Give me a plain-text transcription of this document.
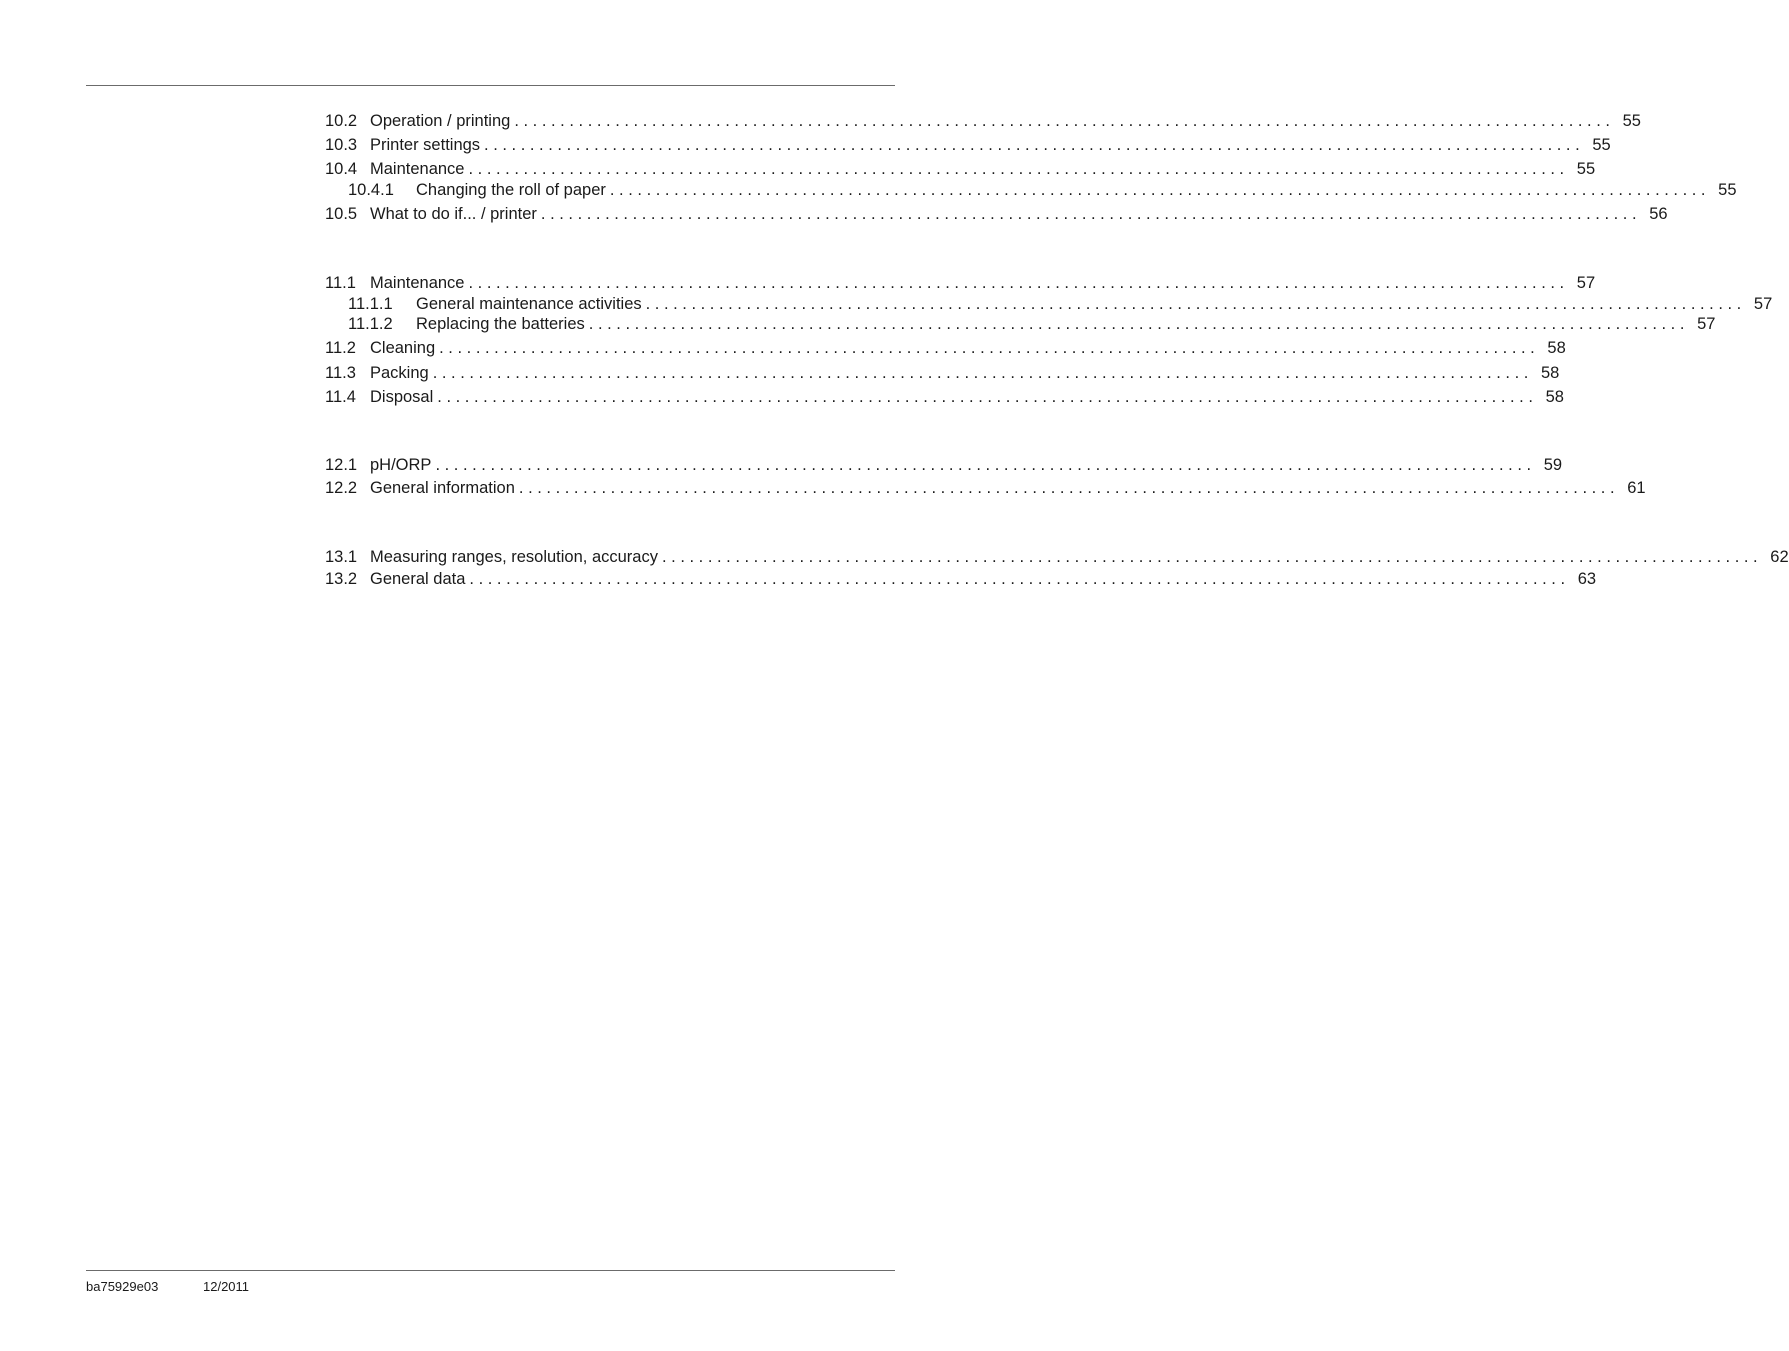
10.2 Operation / printing . . . . . . . . . . . . . . . . . . . . . . . . . . . . . . . . . . . . . . . . . . . . . . . . . . . . . . . . . . . . . . . . . . . . . . . . . . . . . . . . . . . . . . . . . . . . . . . . . . . . . . . . . . . . . . . . . . . . . . . . 55
10.3 Printer settings . . . . . . . . . . . . . . . . . . . . . . . . . . . . . . . . . . . . . . . . . . . . . . . . . . . . . . . . . . . . . . . . . . . . . . . . . . . . . . . . . . . . . . . . . . . . . . . . . . . . . . . . . . . . . . . . . . . . . . . . 55
10.4 Maintenance . . . . . . . . . . . . . . . . . . . . . . . . . . . . . . . . . . . . . . . . . . . . . . . . . . . . . . . . . . . . . . . . . . . . . . . . . . . . . . . . . . . . . . . . . . . . . . . . . . . . . . . . . . . . . . . . . . . . . . . . 55
10.4.1	Changing the roll of paper . . . . . . . . . . . . . . . . . . . . . . . . . . . . . . . . . . . . . . . . . . . . . . . . . . . . . . . . . . . . . . . . . . . . . . . . . . . . . . . . . . . . . . . . . . . . . . . . . . . . . . . . . . . . . . . . . . . . . . . . 55
10.5 What to do if... / printer . . . . . . . . . . . . . . . . . . . . . . . . . . . . . . . . . . . . . . . . . . . . . . . . . . . . . . . . . . . . . . . . . . . . . . . . . . . . . . . . . . . . . . . . . . . . . . . . . . . . . . . . . . . . . . . . . . . . . . . . 56
11.1 Maintenance . . . . . . . . . . . . . . . . . . . . . . . . . . . . . . . . . . . . . . . . . . . . . . . . . . . . . . . . . . . . . . . . . . . . . . . . . . . . . . . . . . . . . . . . . . . . . . . . . . . . . . . . . . . . . . . . . . . . . . . . 57
11.1.1	General maintenance activities . . . . . . . . . . . . . . . . . . . . . . . . . . . . . . . . . . . . . . . . . . . . . . . . . . . . . . . . . . . . . . . . . . . . . . . . . . . . . . . . . . . . . . . . . . . . . . . . . . . . . . . . . . . . . . . . . . . . . . . . 57
11.1.2	Replacing the batteries . . . . . . . . . . . . . . . . . . . . . . . . . . . . . . . . . . . . . . . . . . . . . . . . . . . . . . . . . . . . . . . . . . . . . . . . . . . . . . . . . . . . . . . . . . . . . . . . . . . . . . . . . . . . . . . . . . . . . . . . 57
11.2 Cleaning . . . . . . . . . . . . . . . . . . . . . . . . . . . . . . . . . . . . . . . . . . . . . . . . . . . . . . . . . . . . . . . . . . . . . . . . . . . . . . . . . . . . . . . . . . . . . . . . . . . . . . . . . . . . . . . . . . . . . . . . 58
11.3 Packing . . . . . . . . . . . . . . . . . . . . . . . . . . . . . . . . . . . . . . . . . . . . . . . . . . . . . . . . . . . . . . . . . . . . . . . . . . . . . . . . . . . . . . . . . . . . . . . . . . . . . . . . . . . . . . . . . . . . . . . . 58
11.4 Disposal . . . . . . . . . . . . . . . . . . . . . . . . . . . . . . . . . . . . . . . . . . . . . . . . . . . . . . . . . . . . . . . . . . . . . . . . . . . . . . . . . . . . . . . . . . . . . . . . . . . . . . . . . . . . . . . . . . . . . . . . 58
12.1 pH/ORP . . . . . . . . . . . . . . . . . . . . . . . . . . . . . . . . . . . . . . . . . . . . . . . . . . . . . . . . . . . . . . . . . . . . . . . . . . . . . . . . . . . . . . . . . . . . . . . . . . . . . . . . . . . . . . . . . . . . . . . . 59
12.2 General information . . . . . . . . . . . . . . . . . . . . . . . . . . . . . . . . . . . . . . . . . . . . . . . . . . . . . . . . . . . . . . . . . . . . . . . . . . . . . . . . . . . . . . . . . . . . . . . . . . . . . . . . . . . . . . . . . . . . . . . . 61
13.1 Measuring ranges, resolution, accuracy . . . . . . . . . . . . . . . . . . . . . . . . . . . . . . . . . . . . . . . . . . . . . . . . . . . . . . . . . . . . . . . . . . . . . . . . . . . . . . . . . . . . . . . . . . . . . . . . . . . . . . . . . . . . . . . . . . . . . . . . 62
13.2 General data . . . . . . . . . . . . . . . . . . . . . . . . . . . . . . . . . . . . . . . . . . . . . . . . . . . . . . . . . . . . . . . . . . . . . . . . . . . . . . . . . . . . . . . . . . . . . . . . . . . . . . . . . . . . . . . . . . . . . . . . 63
ba75929e03	12/2011
